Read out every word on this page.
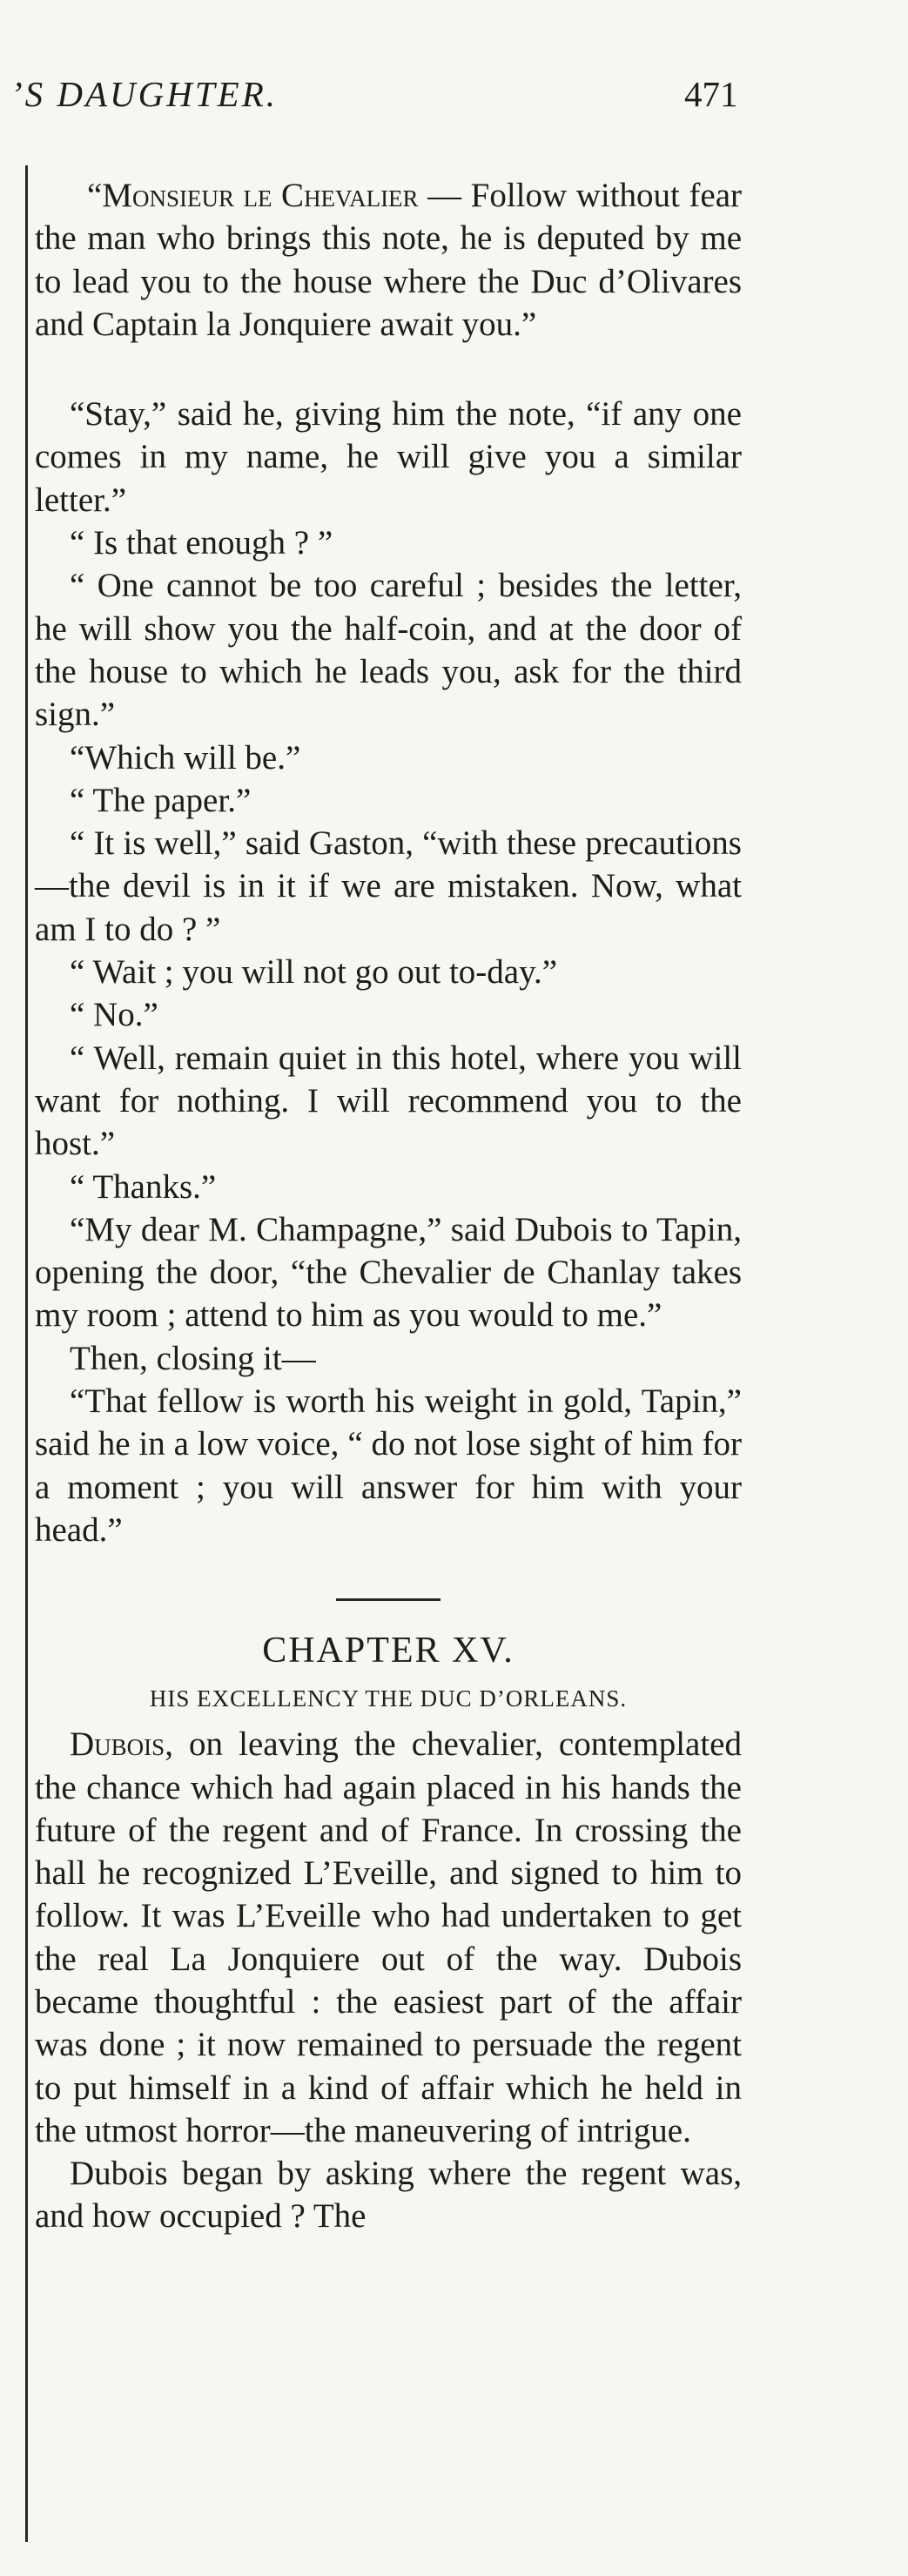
’S DAUGHTER.	471

“Monsieur le Chevalier — Follow without fear the man who brings this note, he is deputed by me to lead you to the house where the Duc d’Olivares and Captain la Jonquiere await you.”

“Stay,” said he, giving him the note, “if any one comes in my name, he will give you a similar letter.”

“ Is that enough ? ”

“ One cannot be too careful ; besides the letter, he will show you the half-coin, and at the door of the house to which he leads you, ask for the third sign.”

“Which will be.”

“ The paper.”

“ It is well,” said Gaston, “with these precautions—the devil is in it if we are mistaken. Now, what am I to do ? ”

“ Wait ; you will not go out to-day.”

“ No.”

“ Well, remain quiet in this hotel, where you will want for nothing. I will recommend you to the host.”

“ Thanks.”

“My dear M. Champagne,” said Dubois to Tapin, opening the door, “the Chevalier de Chanlay takes my room ; attend to him as you would to me.”

Then, closing it—

“That fellow is worth his weight in gold, Tapin,” said he in a low voice, “ do not lose sight of him for a moment ; you will answer for him with your head.”

CHAPTER XV.

HIS EXCELLENCY THE DUC D’ORLEANS.

Dubois, on leaving the chevalier, contemplated the chance which had again placed in his hands the future of the regent and of France. In crossing the hall he recognized L’Eveille, and signed to him to follow. It was L’Eveille who had undertaken to get the real La Jonquiere out of the way. Dubois became thoughtful : the easiest part of the affair was done ; it now remained to persuade the regent to put himself in a kind of affair which he held in the utmost horror—the maneuvering of intrigue.

Dubois began by asking where the regent was, and how occupied ? The
